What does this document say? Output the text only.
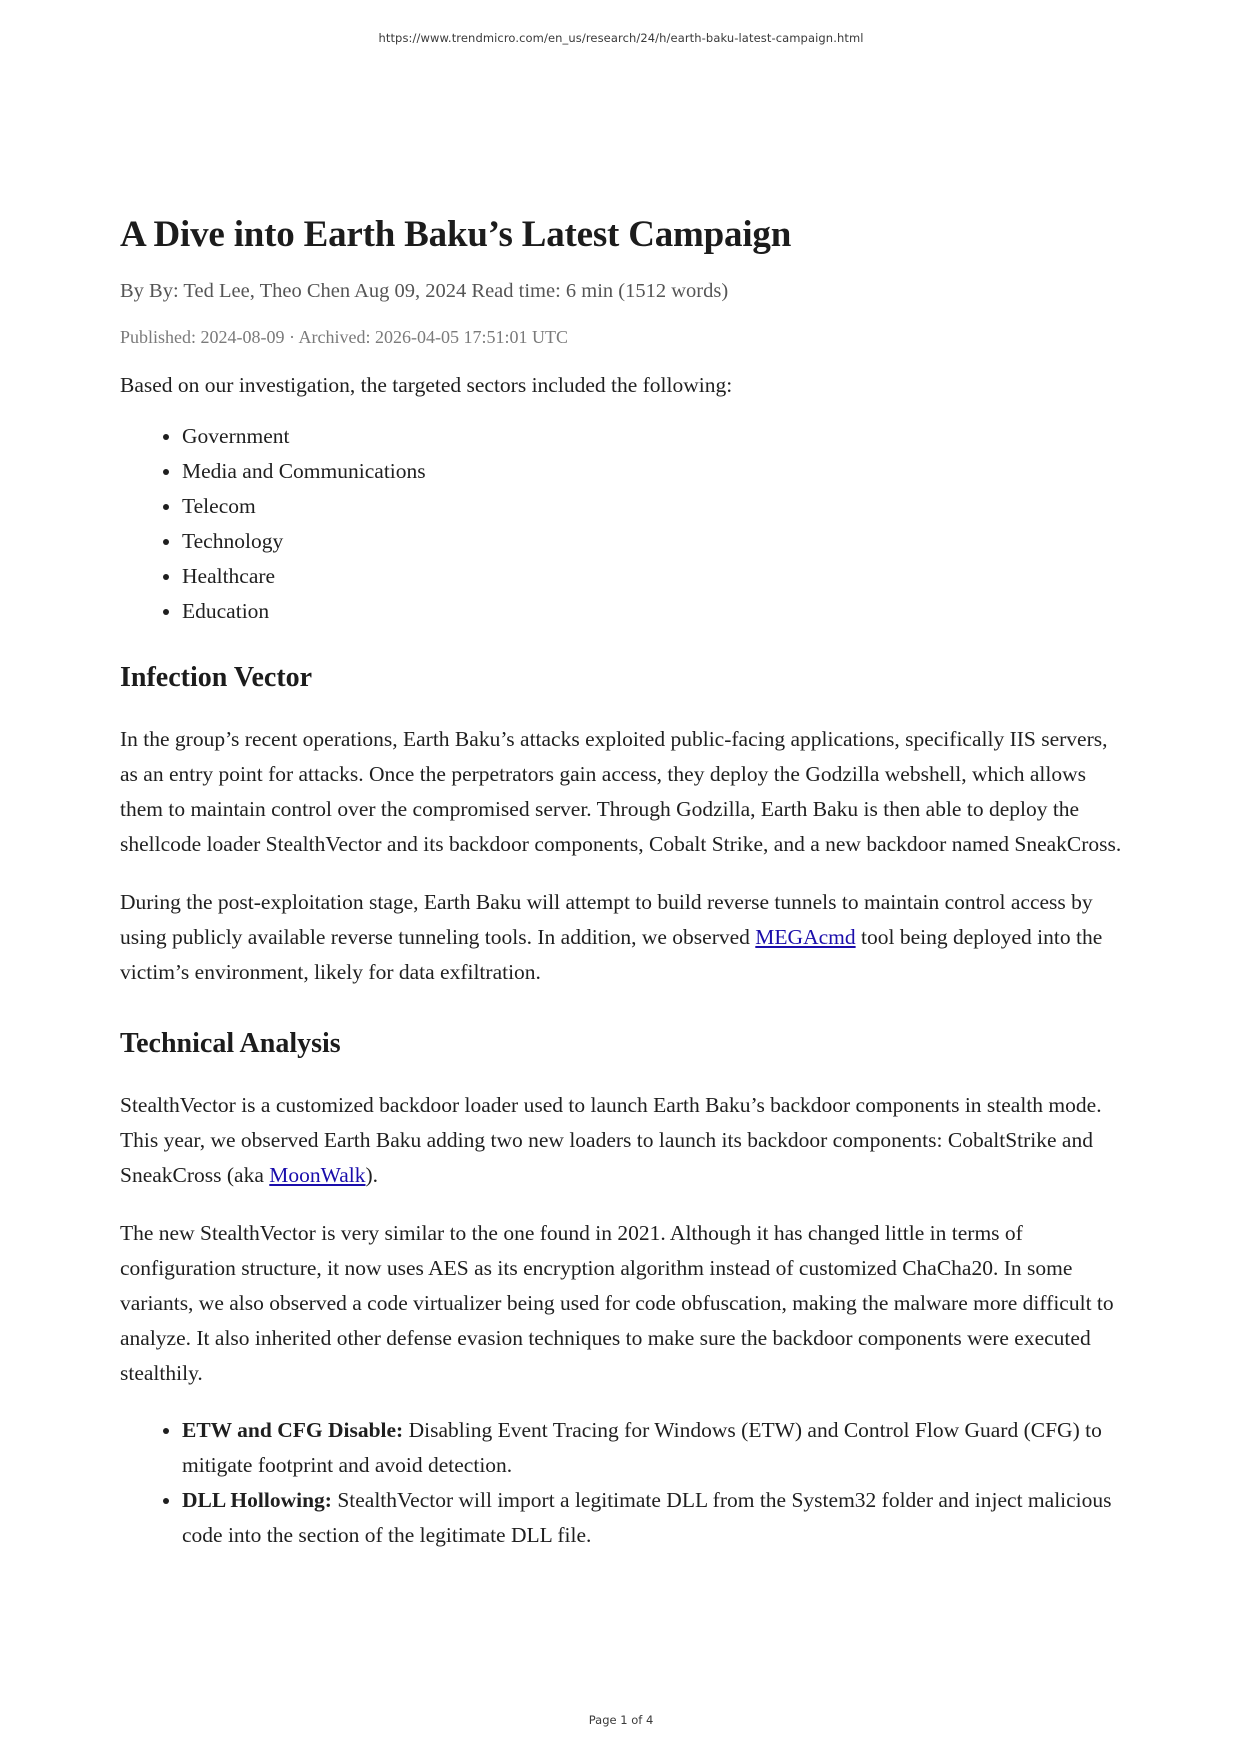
https://www.trendmicro.com/en_us/research/24/h/earth-baku-latest-campaign.html
A Dive into Earth Baku’s Latest Campaign
By By: Ted Lee, Theo Chen Aug 09, 2024 Read time: 6 min (1512 words)
Published: 2024-08-09 · Archived: 2026-04-05 17:51:01 UTC

Based on our investigation, the targeted sectors included the following:

• Government
• Media and Communications
• Telecom
• Technology
• Healthcare
• Education
Infection Vector

In the group’s recent operations, Earth Baku’s attacks exploited public-facing applications, specifically IIS servers, as an entry point for attacks. Once the perpetrators gain access, they deploy the Godzilla webshell, which allows them to maintain control over the compromised server. Through Godzilla, Earth Baku is then able to deploy the shellcode loader StealthVector and its backdoor components, Cobalt Strike, and a new backdoor named SneakCross.

During the post-exploitation stage, Earth Baku will attempt to build reverse tunnels to maintain control access by using publicly available reverse tunneling tools. In addition, we observed MEGAcmd tool being deployed into the victim’s environment, likely for data exfiltration.

Technical Analysis

StealthVector is a customized backdoor loader used to launch Earth Baku’s backdoor components in stealth mode. This year, we observed Earth Baku adding two new loaders to launch its backdoor components: CobaltStrike and SneakCross (aka MoonWalk).

The new StealthVector is very similar to the one found in 2021. Although it has changed little in terms of configuration structure, it now uses AES as its encryption algorithm instead of customized ChaCha20. In some variants, we also observed a code virtualizer being used for code obfuscation, making the malware more difficult to analyze. It also inherited other defense evasion techniques to make sure the backdoor components were executed stealthily.

• ETW and CFG Disable: Disabling Event Tracing for Windows (ETW) and Control Flow Guard (CFG) to mitigate footprint and avoid detection.
• DLL Hollowing: StealthVector will import a legitimate DLL from the System32 folder and inject malicious code into the section of the legitimate DLL file.
Page 1 of 4
